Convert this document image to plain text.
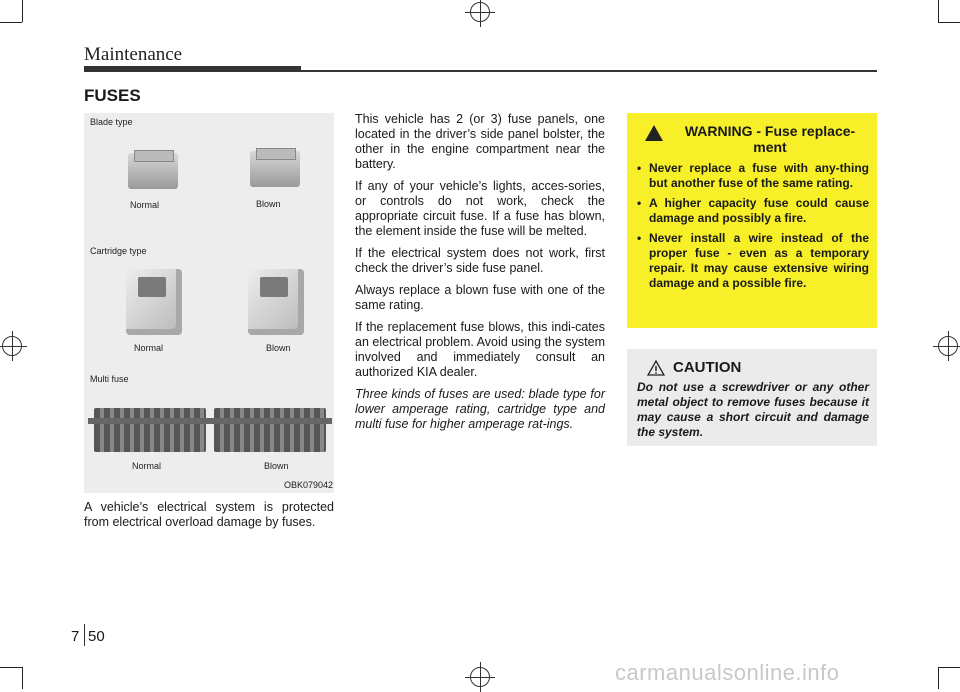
Maintenance
FUSES
Blade type
Normal	Blown
Cartridge type
Normal	Blown
Multi fuse
Normal	Blown
OBK079042
A vehicle’s electrical system is protected from electrical overload damage by fuses.

This vehicle has 2 (or 3) fuse panels, one located in the driver’s side panel bolster, the other in the engine compartment near the battery.

If any of your vehicle’s lights, acces-sories, or controls do not work, check the appropriate circuit fuse. If a fuse has blown, the element inside the fuse will be melted.

If the electrical system does not work, first check the driver’s side fuse panel.

Always replace a blown fuse with one of the same rating.

If the replacement fuse blows, this indi-cates an electrical problem. Avoid using the system involved and immediately consult an authorized KIA dealer.

Three kinds of fuses are used: blade type for lower amperage rating, cartridge type and multi fuse for higher amperage rat-ings.

WARNING - Fuse replace-ment
• Never replace a fuse with any-thing but another fuse of the same rating.
• A higher capacity fuse could cause damage and possibly a fire.
• Never install a wire instead of the proper fuse - even as a temporary repair. It may cause extensive wiring damage and a possible fire.
CAUTION
Do not use a screwdriver or any other metal object to remove fuses because it may cause a short circuit and damage the system.
7 50
carmanualsonline.info
